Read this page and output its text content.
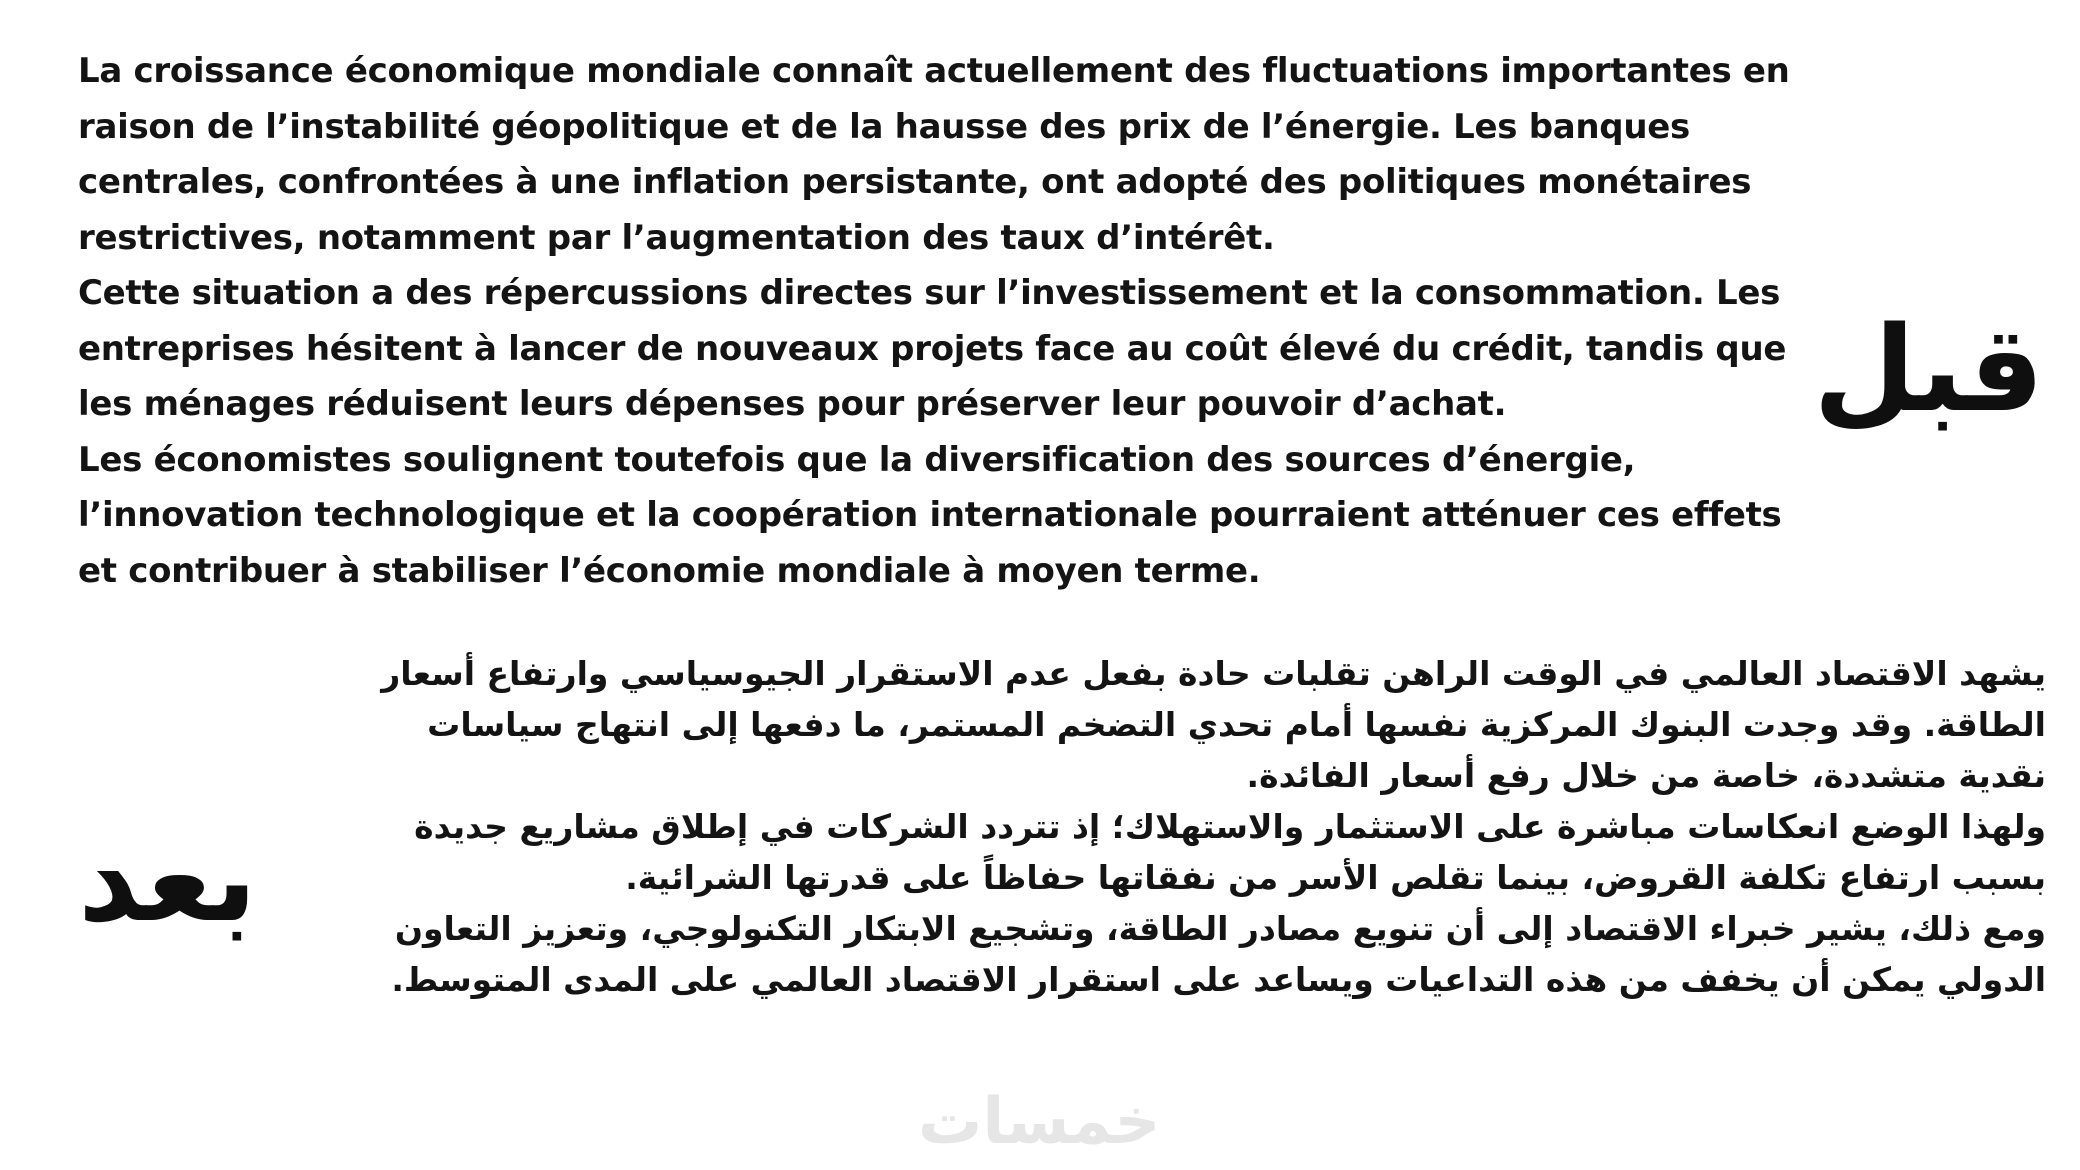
La croissance économique mondiale connaît actuellement des fluctuations importantes en raison de l’instabilité géopolitique et de la hausse des prix de l’énergie. Les banques centrales, confrontées à une inflation persistante, ont adopté des politiques monétaires restrictives, notamment par l’augmentation des taux d’intérêt.

Cette situation a des répercussions directes sur l’investissement et la consommation. Les entreprises hésitent à lancer de nouveaux projets face au coût élevé du crédit, tandis que les ménages réduisent leurs dépenses pour préserver leur pouvoir d’achat.

Les économistes soulignent toutefois que la diversification des sources d’énergie, l’innovation technologique et la coopération internationale pourraient atténuer ces effets et contribuer à stabiliser l’économie mondiale à moyen terme.

قبل

يشهد الاقتصاد العالمي في الوقت الراهن تقلبات حادة بفعل عدم الاستقرار الجيوسياسي وارتفاع أسعار الطاقة. وقد وجدت البنوك المركزية نفسها أمام تحدي التضخم المستمر، ما دفعها إلى انتهاج سياسات نقدية متشددة، خاصة من خلال رفع أسعار الفائدة.

ولهذا الوضع انعكاسات مباشرة على الاستثمار والاستهلاك؛ إذ تتردد الشركات في إطلاق مشاريع جديدة بسبب ارتفاع تكلفة القروض، بينما تقلص الأسر من نفقاتها حفاظاً على قدرتها الشرائية.

ومع ذلك، يشير خبراء الاقتصاد إلى أن تنويع مصادر الطاقة، وتشجيع الابتكار التكنولوجي، وتعزيز التعاون الدولي يمكن أن يخفف من هذه التداعيات ويساعد على استقرار الاقتصاد العالمي على المدى المتوسط.

بعد
خمسات
